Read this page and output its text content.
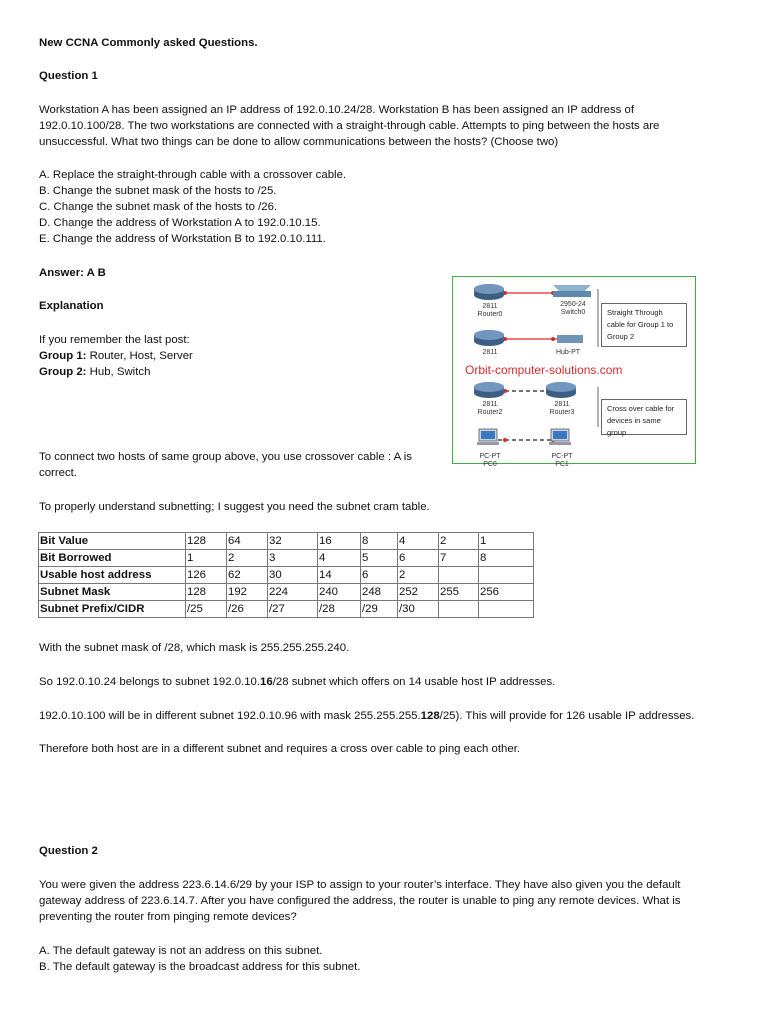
New CCNA Commonly asked Questions.
Question 1
Workstation A has been assigned an IP address of 192.0.10.24/28. Workstation B has been assigned an IP address of
192.0.10.100/28. The two workstations are connected with a straight-through cable. Attempts to ping between the hosts are
unsuccessful. What two things can be done to allow communications between the hosts? (Choose two)
A. Replace the straight-through cable with a crossover cable.
B. Change the subnet mask of the hosts to /25.
C. Change the subnet mask of the hosts to /26.
D. Change the address of Workstation A to 192.0.10.15.
E. Change the address of Workstation B to 192.0.10.111.
Answer: A B
Explanation
If you remember the last post:
Group 1: Router, Host, Server
Group 2: Hub, Switch
2811
Router0
2950-24
Switch0
2811	Hub-PT
Orbit-computer-solutions.com
2811
Router2
2811
Router3
PC-PT
PC0
PC-PT
PC1
Straight Through cable for Group 1 to Group 2
Cross over cable for devices in same group
To connect two hosts of same group above, you use crossover cable : A is
correct.
To properly understand subnetting; I suggest you need the subnet cram table.
Bit Value	128	64	32	16	8	4	2	1
Bit Borrowed	1	2	3	4	5	6	7	8
Usable host address	126	62	30	14	6	2		
Subnet Mask	128	192	224	240	248	252	255	256
Subnet Prefix/CIDR	/25	/26	/27	/28	/29	/30		
With the subnet mask of /28, which mask is 255.255.255.240.
So 192.0.10.24 belongs to subnet 192.0.10.16/28 subnet which offers on 14 usable host IP addresses.
192.0.10.100 will be in different subnet 192.0.10.96 with mask 255.255.255.128/25). This will provide for 126 usable IP addresses.
Therefore both host are in a different subnet and requires a cross over cable to ping each other.
Question 2
You were given the address 223.6.14.6/29 by your ISP to assign to your router’s interface. They have also given you the default
gateway address of 223.6.14.7. After you have configured the address, the router is unable to ping any remote devices. What is
preventing the router from pinging remote devices?
A. The default gateway is not an address on this subnet.
B. The default gateway is the broadcast address for this subnet.
